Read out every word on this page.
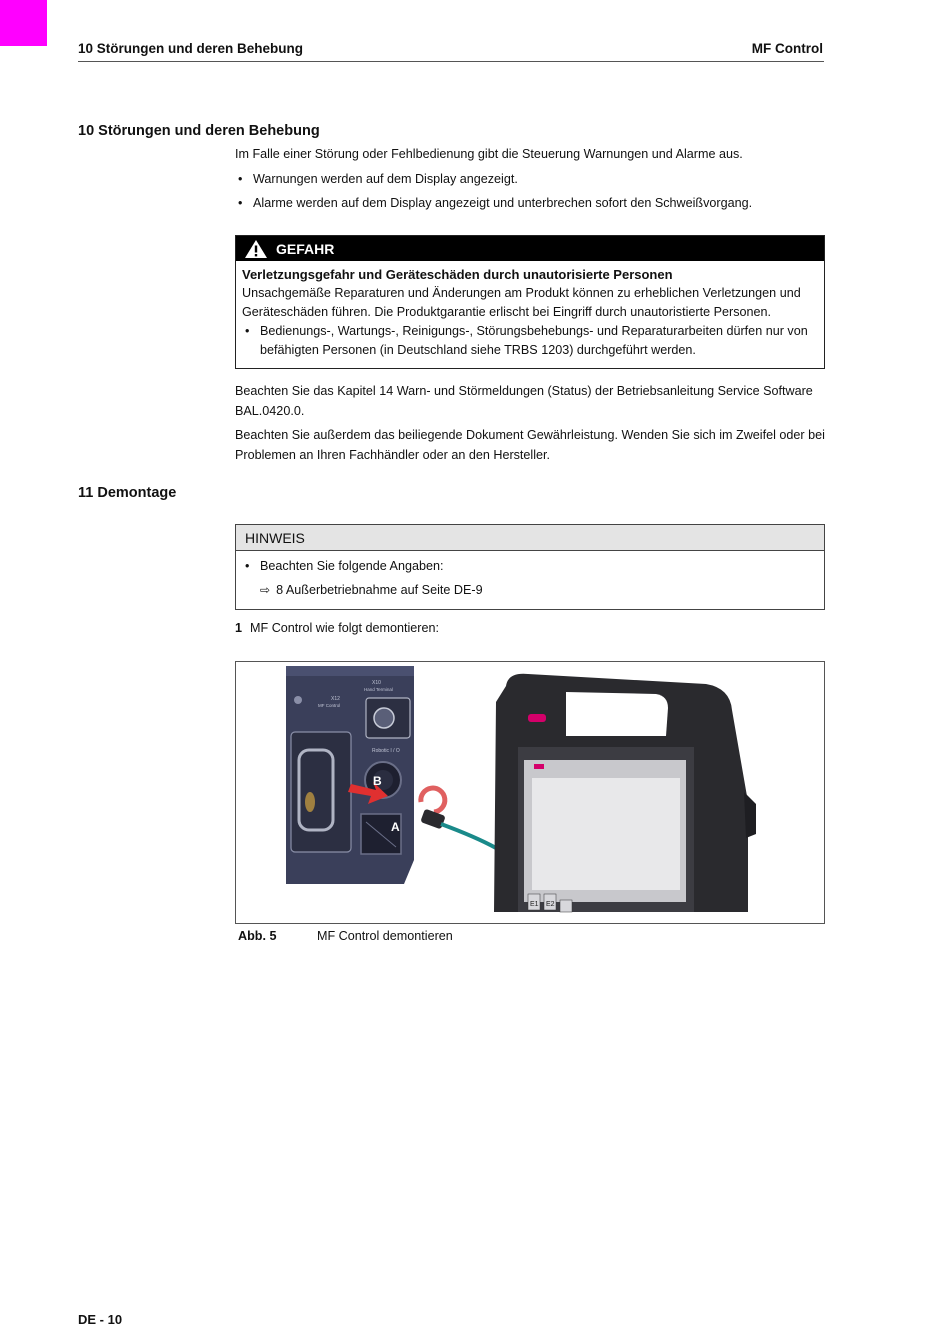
10 Störungen und deren Behebung	MF Control
10 Störungen und deren Behebung

Im Falle einer Störung oder Fehlbedienung gibt die Steuerung Warnungen und Alarme aus.

• Warnungen werden auf dem Display angezeigt.
• Alarme werden auf dem Display angezeigt und unterbrechen sofort den Schweißvorgang.
GEFAHR
Verletzungsgefahr und Geräteschäden durch unautorisierte Personen
Unsachgemäße Reparaturen und Änderungen am Produkt können zu erheblichen Verletzungen und Geräteschäden führen. Die Produktgarantie erlischt bei Eingriff durch unautoristierte Personen.
• Bedienungs-, Wartungs-, Reinigungs-, Störungsbehebungs- und Reparaturarbeiten dürfen nur von befähigten Personen (in Deutschland siehe TRBS 1203) durchgeführt werden.

Beachten Sie das Kapitel 14 Warn- und Störmeldungen (Status) der Betriebsanleitung Service Software BAL.0420.0.

Beachten Sie außerdem das beiliegende Dokument Gewährleistung. Wenden Sie sich im Zweifel oder bei Problemen an Ihren Fachhändler oder an den Hersteller.

11 Demontage
HINWEIS
• Beachten Sie folgende Angaben:
⇨ 8 Außerbetriebnahme auf Seite DE-9
1 MF Control wie folgt demontieren:
X12
MF Control
X10
Hand Terminal
Robotic I / O
B
A
E1 E2
Abb. 5	MF Control demontieren
DE - 10
